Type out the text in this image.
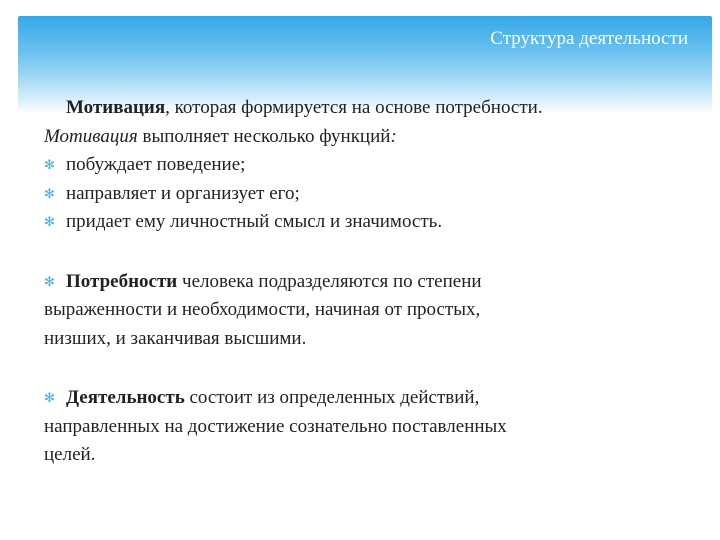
Структура деятельности
Мотивация, которая формируется на основе потребности.
Мотивация выполняет несколько функций:
✻ побуждает поведение;
✻ направляет и организует его;
✻ придает ему личностный смысл и значимость.
✻ Потребности человека подразделяются по степени
выраженности и необходимости, начиная от простых,
низших, и заканчивая высшими.
✻ Деятельность состоит из определенных действий,
направленных на достижение сознательно поставленных
целей.
